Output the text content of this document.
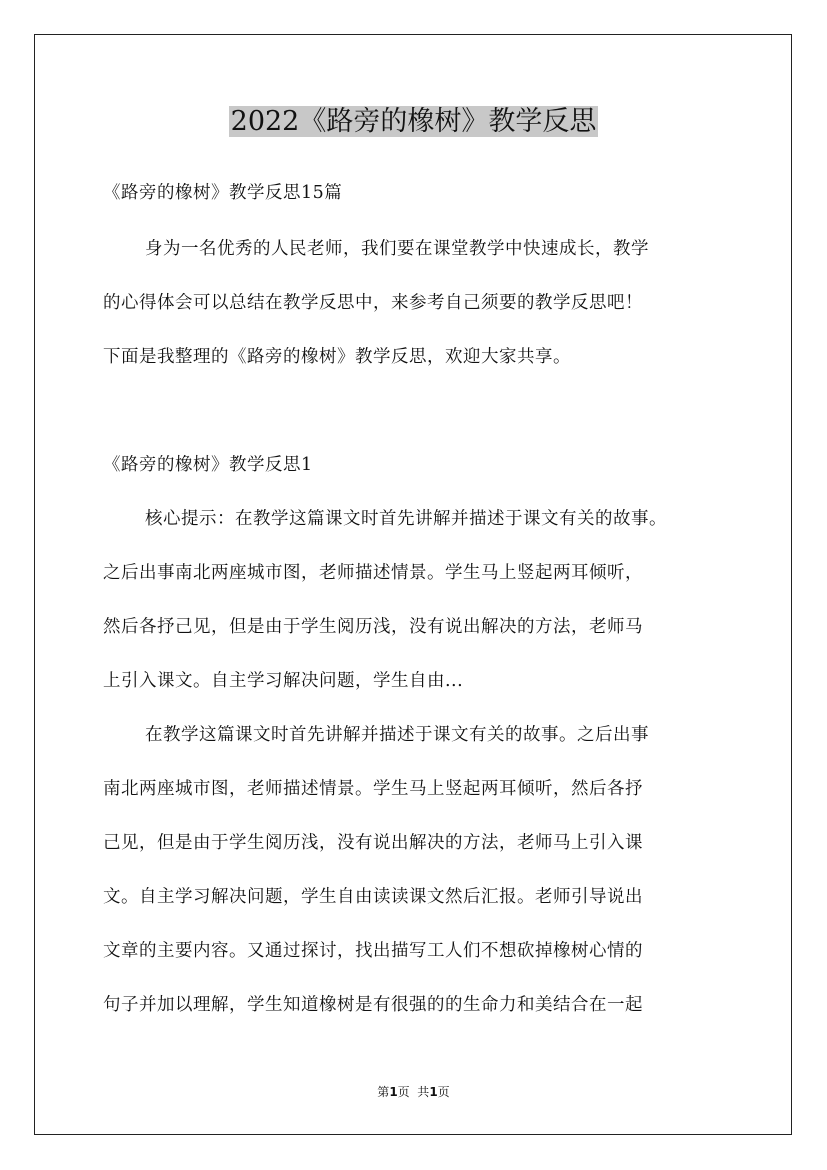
2022《路旁的橡树》教学反思
《路旁的橡树》教学反思15篇
身为一名优秀的人民老师，我们要在课堂教学中快速成长，教学
的心得体会可以总结在教学反思中，来参考自己须要的教学反思吧！
下面是我整理的《路旁的橡树》教学反思，欢迎大家共享。
《路旁的橡树》教学反思1
核心提示：在教学这篇课文时首先讲解并描述于课文有关的故事。
之后出事南北两座城市图，老师描述情景。学生马上竖起两耳倾听，
然后各抒己见，但是由于学生阅历浅，没有说出解决的方法，老师马
上引入课文。自主学习解决问题，学生自由...
在教学这篇课文时首先讲解并描述于课文有关的故事。之后出事
南北两座城市图，老师描述情景。学生马上竖起两耳倾听，然后各抒
己见，但是由于学生阅历浅，没有说出解决的方法，老师马上引入课
文。自主学习解决问题，学生自由读读课文然后汇报。老师引导说出
文章的主要内容。又通过探讨，找出描写工人们不想砍掉橡树心情的
句子并加以理解，学生知道橡树是有很强的的生命力和美结合在一起
第1页  共1页
